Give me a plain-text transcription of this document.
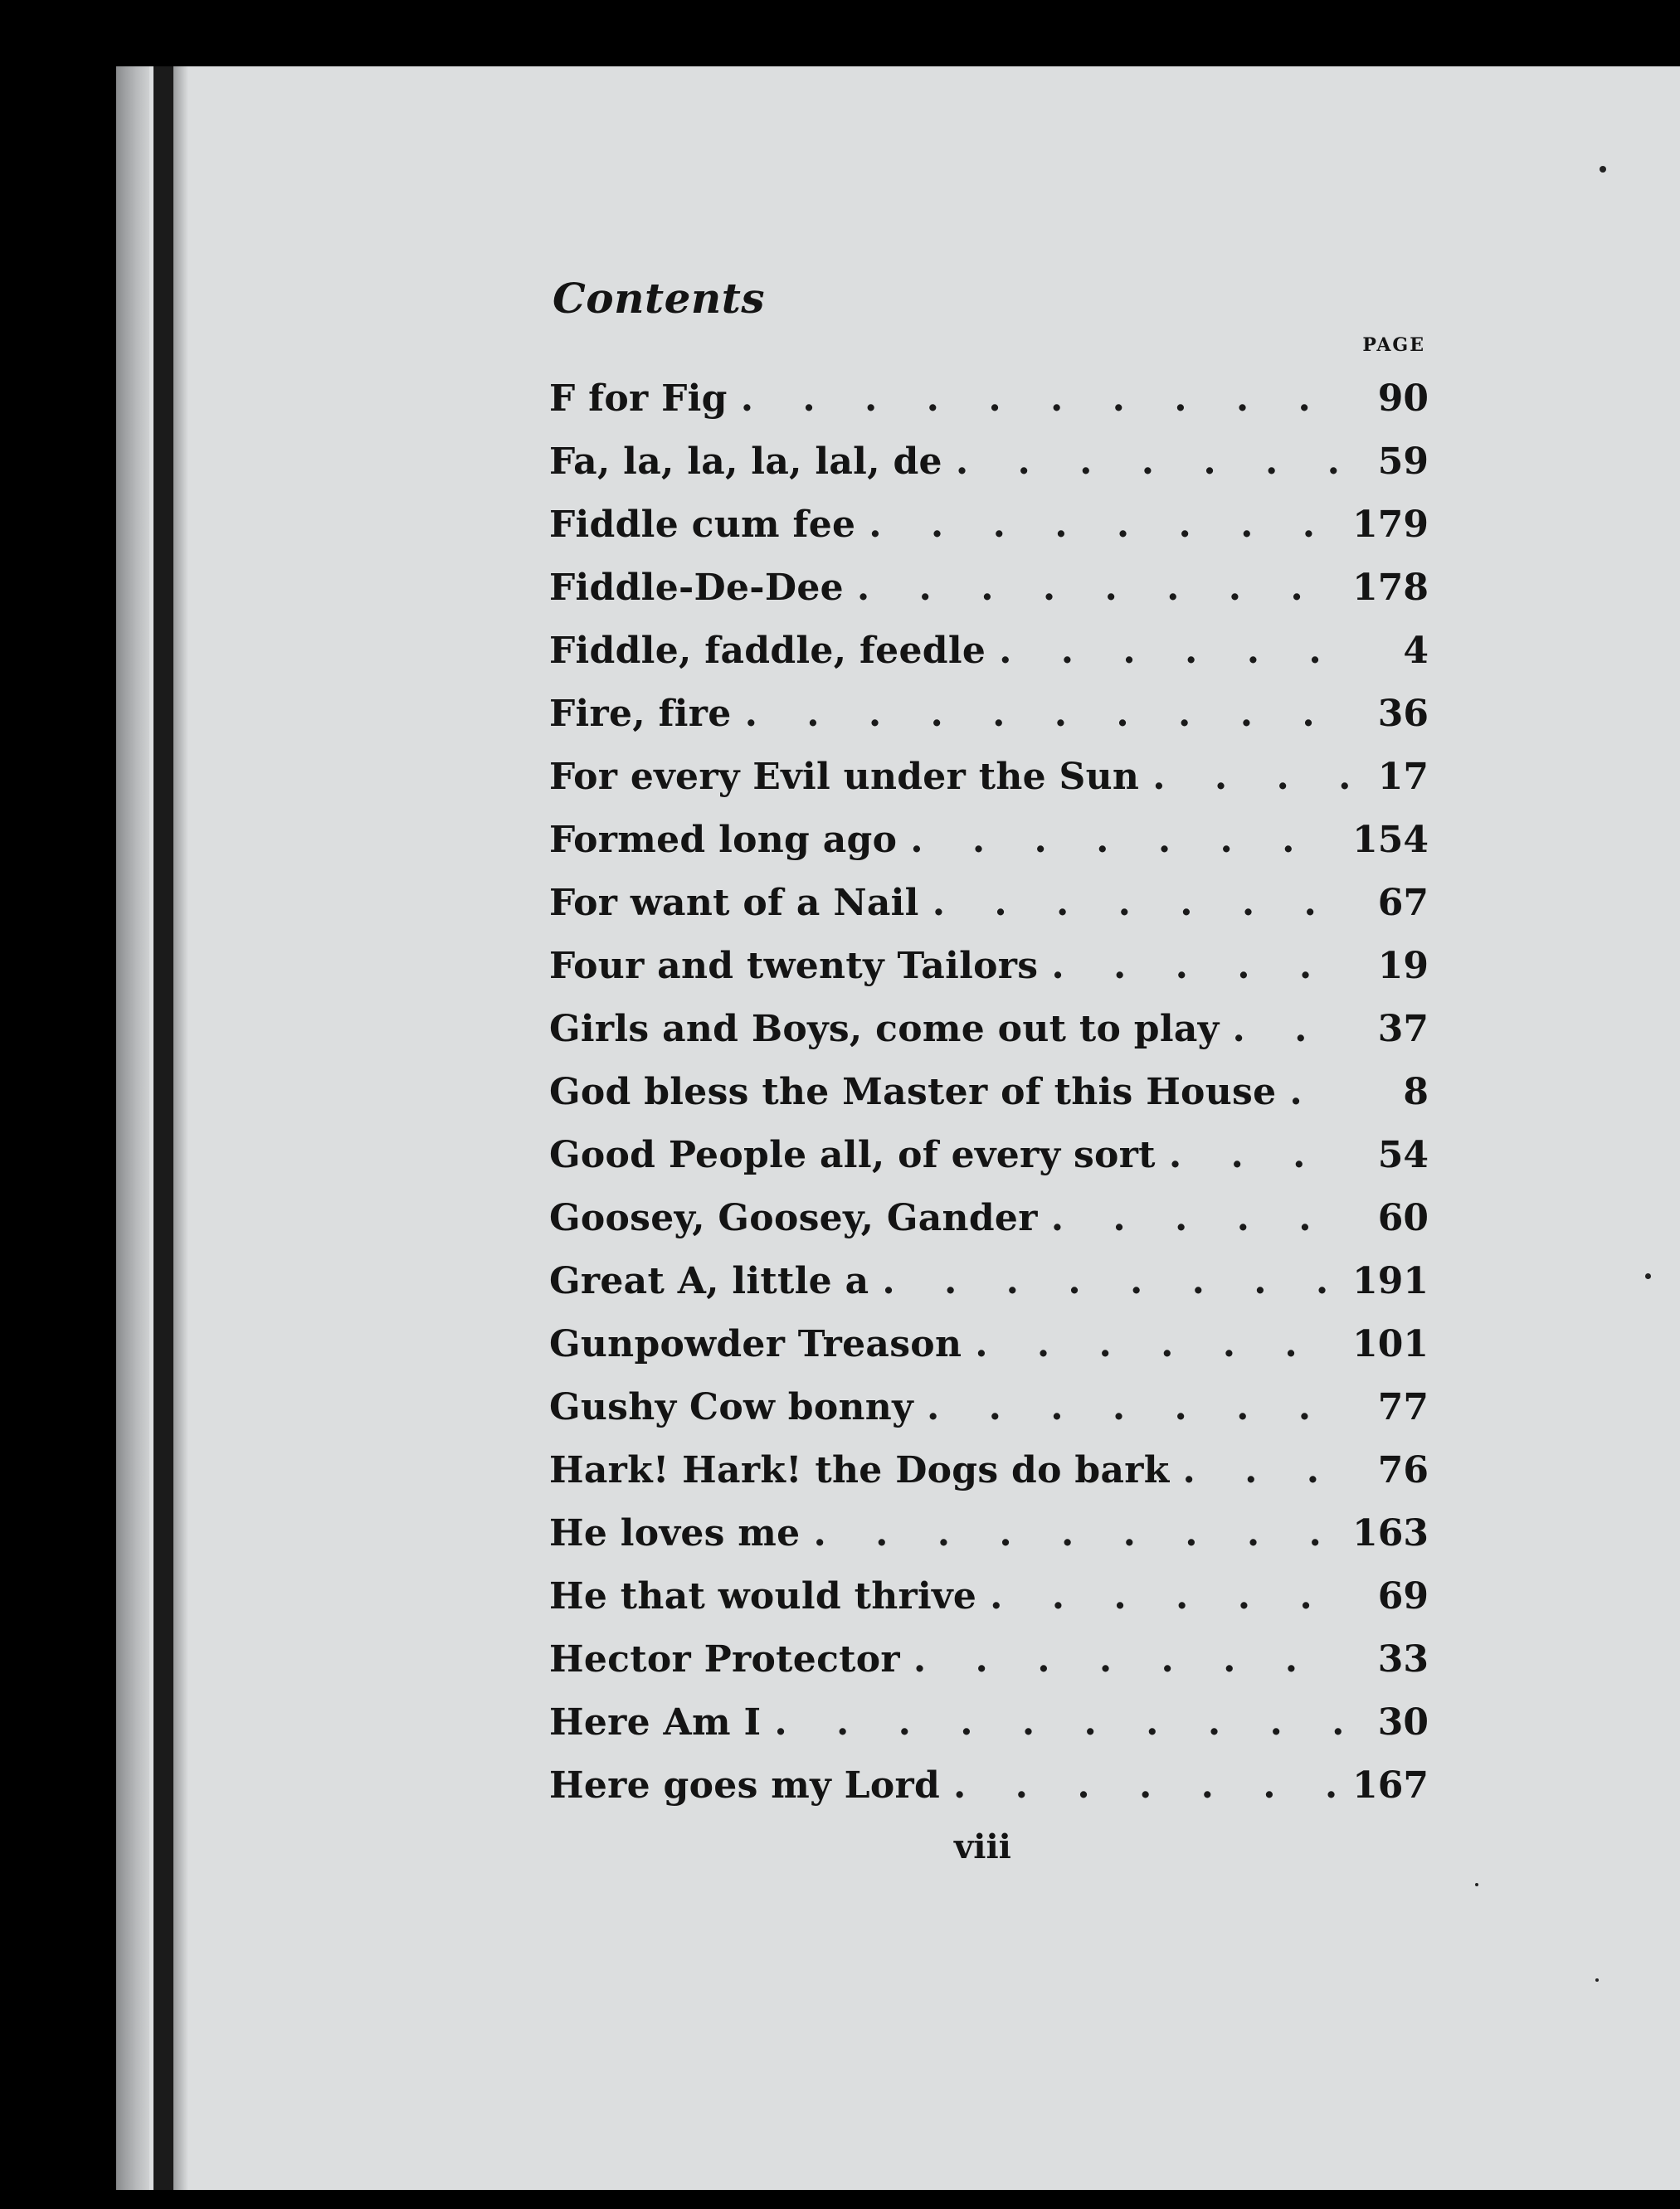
Contents
PAGE
F for Fig . . .	90
Fa, la, la, la, lal, de . . .	59
Fiddle cum fee . . .	179
Fiddle-De-Dee . . .	178
Fiddle, faddle, feedle . . .	4
Fire, fire . . .	36
For every Evil under the Sun . . .	17
Formed long ago . . .	154
For want of a Nail . . .	67
Four and twenty Tailors . . .	19
Girls and Boys, come out to play . . .	37
God bless the Master of this House . . .	8
Good People all, of every sort . . .	54
Goosey, Goosey, Gander . . .	60
Great A, little a . . .	191
Gunpowder Treason . . .	101
Gushy Cow bonny . . .	77
Hark! Hark! the Dogs do bark . . .	76
He loves me . . .	163
He that would thrive . . .	69
Hector Protector . . .	33
Here Am I . . .	30
Here goes my Lord . . .	167
viii
